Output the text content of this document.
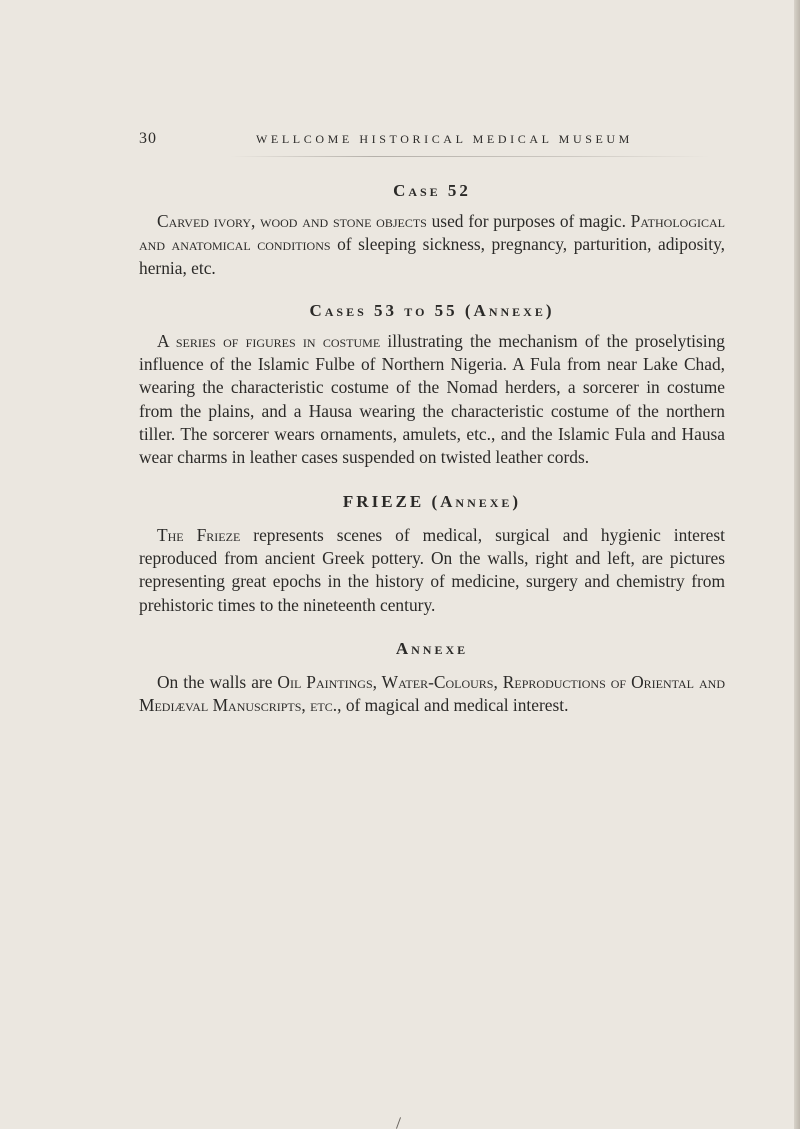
30	WELLCOME HISTORICAL MEDICAL MUSEUM
Case 52

Carved ivory, wood and stone objects used for purposes of magic. Pathological and anatomical conditions of sleeping sickness, pregnancy, parturition, adiposity, hernia, etc.

Cases 53 to 55 (Annexe)

A series of figures in costume illustrating the mechanism of the proselytising influence of the Islamic Fulbe of Northern Nigeria. A Fula from near Lake Chad, wearing the characteristic costume of the Nomad herders, a sorcerer in costume from the plains, and a Hausa wearing the characteristic costume of the northern tiller. The sorcerer wears ornaments, amulets, etc., and the Islamic Fula and Hausa wear charms in leather cases suspended on twisted leather cords.

FRIEZE (Annexe)

The Frieze represents scenes of medical, surgical and hygienic interest reproduced from ancient Greek pottery. On the walls, right and left, are pictures representing great epochs in the history of medicine, surgery and chemistry from prehistoric times to the nineteenth century.

Annexe

On the walls are Oil Paintings, Water-Colours, Reproductions of Oriental and Mediæval Manuscripts, etc., of magical and medical interest.
